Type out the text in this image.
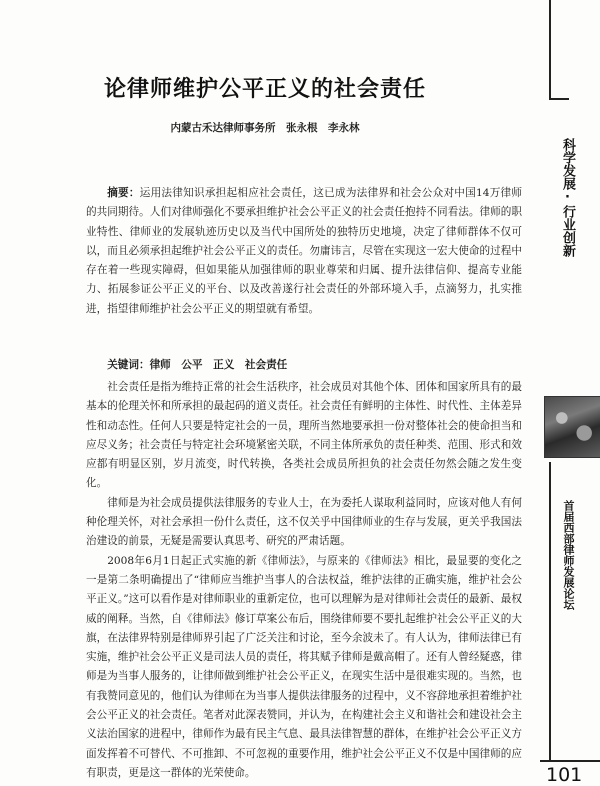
论律师维护公平正义的社会责任
内蒙古禾达律师事务所　张永根　李永林

摘要：运用法律知识承担起相应社会责任，这已成为法律界和社会公众对中国14万律师的共同期待。人们对律师强化不要承担维护社会公平正义的社会责任抱持不同看法。律师的职业特性、律师业的发展轨迹历史以及当代中国所处的独特历史地境，决定了律师群体不仅可以，而且必须承担起维护社会公平正义的责任。勿庸讳言，尽管在实现这一宏大使命的过程中存在着一些现实障碍，但如果能从加强律师的职业尊荣和归属、提升法律信仰、提高专业能力、拓展参证公平正义的平台、以及改善遂行社会责任的外部环境入手，点滴努力，扎实推进，指望律师维护社会公平正义的期望就有希望。

关键词：律师　公平　正义　社会责任

社会责任是指为维持正常的社会生活秩序，社会成员对其他个体、团体和国家所具有的最基本的伦理关怀和所承担的最起码的道义责任。社会责任有鲜明的主体性、时代性、主体差异性和动态性。任何人只要是特定社会的一员，理所当然地要承担一份对整体社会的使命担当和应尽义务；社会责任与特定社会环境紧密关联，不同主体所承负的责任种类、范围、形式和效应都有明显区别，岁月流变，时代转换，各类社会成员所担负的社会责任勿然会随之发生变化。

律师是为社会成员提供法律服务的专业人士，在为委托人谋取利益同时，应该对他人有何种伦理关怀，对社会承担一份什么责任，这不仅关乎中国律师业的生存与发展，更关乎我国法治建设的前景，无疑是需要认真思考、研究的严肃话题。

2008年6月1日起正式实施的新《律师法》，与原来的《律师法》相比，最显要的变化之一是第二条明确提出了“律师应当维护当事人的合法权益，维护法律的正确实施，维护社会公平正义。”这可以看作是对律师职业的重新定位，也可以理解为是对律师社会责任的最新、最权威的阐释。当然，自《律师法》修订草案公布后，围绕律师要不要扎起维护社会公平正义的大旗，在法律界特别是律师界引起了广泛关注和讨论，至今余波未了。有人认为，律师法律已有实施，维护社会公平正义是司法人员的责任，将其赋予律师是戴高帽了。还有人曾经疑惑，律师是为当事人服务的，让律师做到维护社会公平正义，在现实生活中是很难实现的。当然，也有我赞同意见的，他们认为律师在为当事人提供法律服务的过程中，义不容辞地承担着维护社会公平正义的社会责任。笔者对此深表赞同，并认为，在构建社会主义和谐社会和建设社会主义法治国家的进程中，律师作为最有民主气息、最具法律智慧的群体，在维护社会公平正义方面发挥着不可替代、不可推卸、不可忽视的重要作用，维护社会公平正义不仅是中国律师的应有职责，更是这一群体的光荣使命。

科学发展·行业创新
首届西部律师发展论坛
101
